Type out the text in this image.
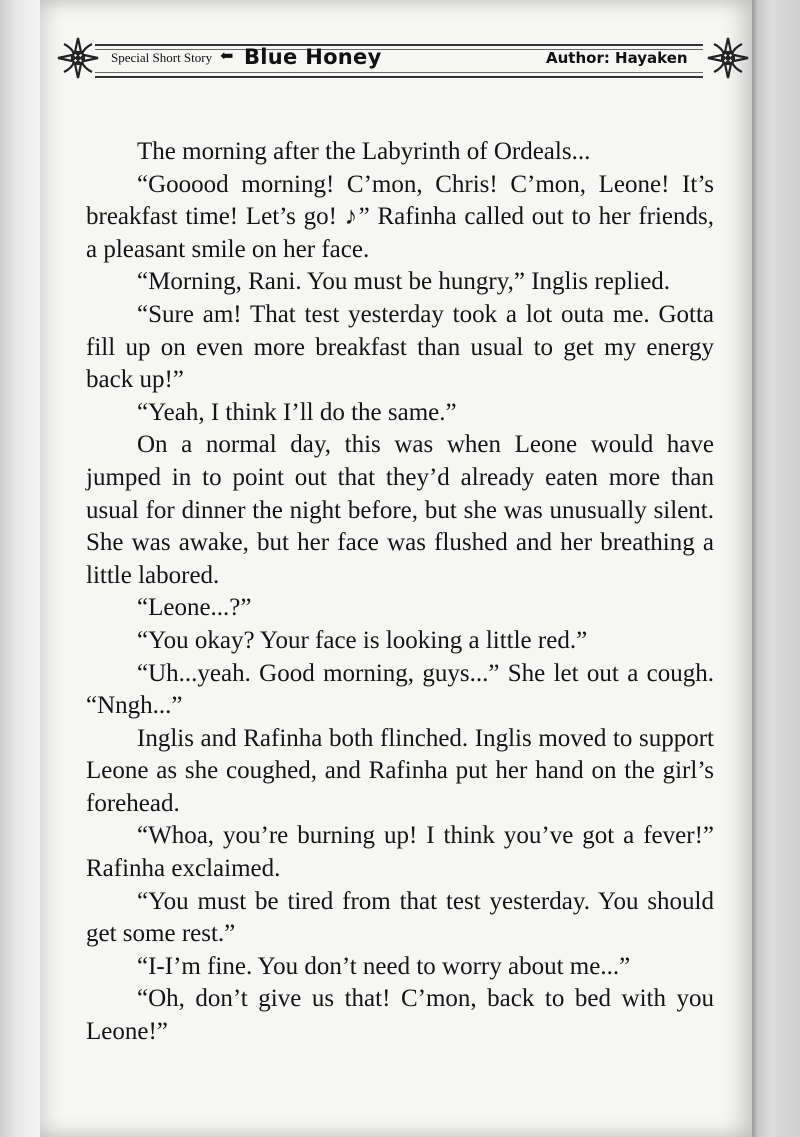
Special Short Story ⬅ Blue Honey	Author: Hayaken

The morning after the Labyrinth of Ordeals...

“Gooood morning! C’mon, Chris! C’mon, Leone! It’s breakfast time! Let’s go! ♪” Rafinha called out to her friends, a pleasant smile on her face.

“Morning, Rani. You must be hungry,” Inglis replied.

“Sure am! That test yesterday took a lot outa me. Gotta fill up on even more breakfast than usual to get my energy back up!”

“Yeah, I think I’ll do the same.”

On a normal day, this was when Leone would have jumped in to point out that they’d already eaten more than usual for dinner the night before, but she was unusually silent. She was awake, but her face was flushed and her breathing a little labored.

“Leone...?”

“You okay? Your face is looking a little red.”

“Uh...yeah. Good morning, guys...” She let out a cough. “Nngh...”

Inglis and Rafinha both flinched. Inglis moved to support Leone as she coughed, and Rafinha put her hand on the girl’s forehead.

“Whoa, you’re burning up! I think you’ve got a fever!” Rafinha exclaimed.

“You must be tired from that test yesterday. You should get some rest.”

“I-I’m fine. You don’t need to worry about me...”

“Oh, don’t give us that! C’mon, back to bed with you Leone!”
